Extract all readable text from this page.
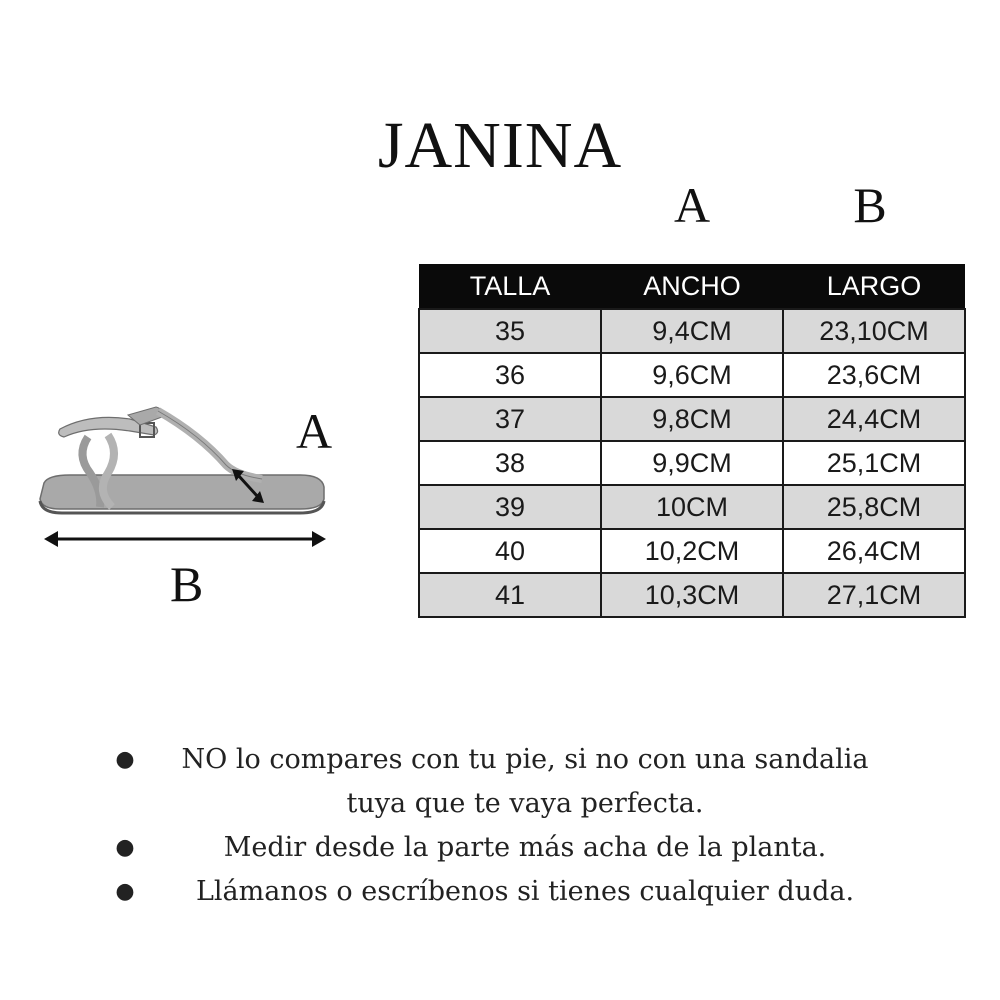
JANINA
A	B
TALLA	ANCHO	LARGO
35	9,4CM	23,10CM
36	9,6CM	23,6CM
37	9,8CM	24,4CM
38	9,9CM	25,1CM
39	10CM	25,8CM
40	10,2CM	26,4CM
41	10,3CM	27,1CM
A
B
●	NO lo compares con tu pie, si no con una sandalia tuya que te vaya perfecta.
●	Medir desde la parte más acha de la planta.
●	Llámanos o escríbenos si tienes cualquier duda.
